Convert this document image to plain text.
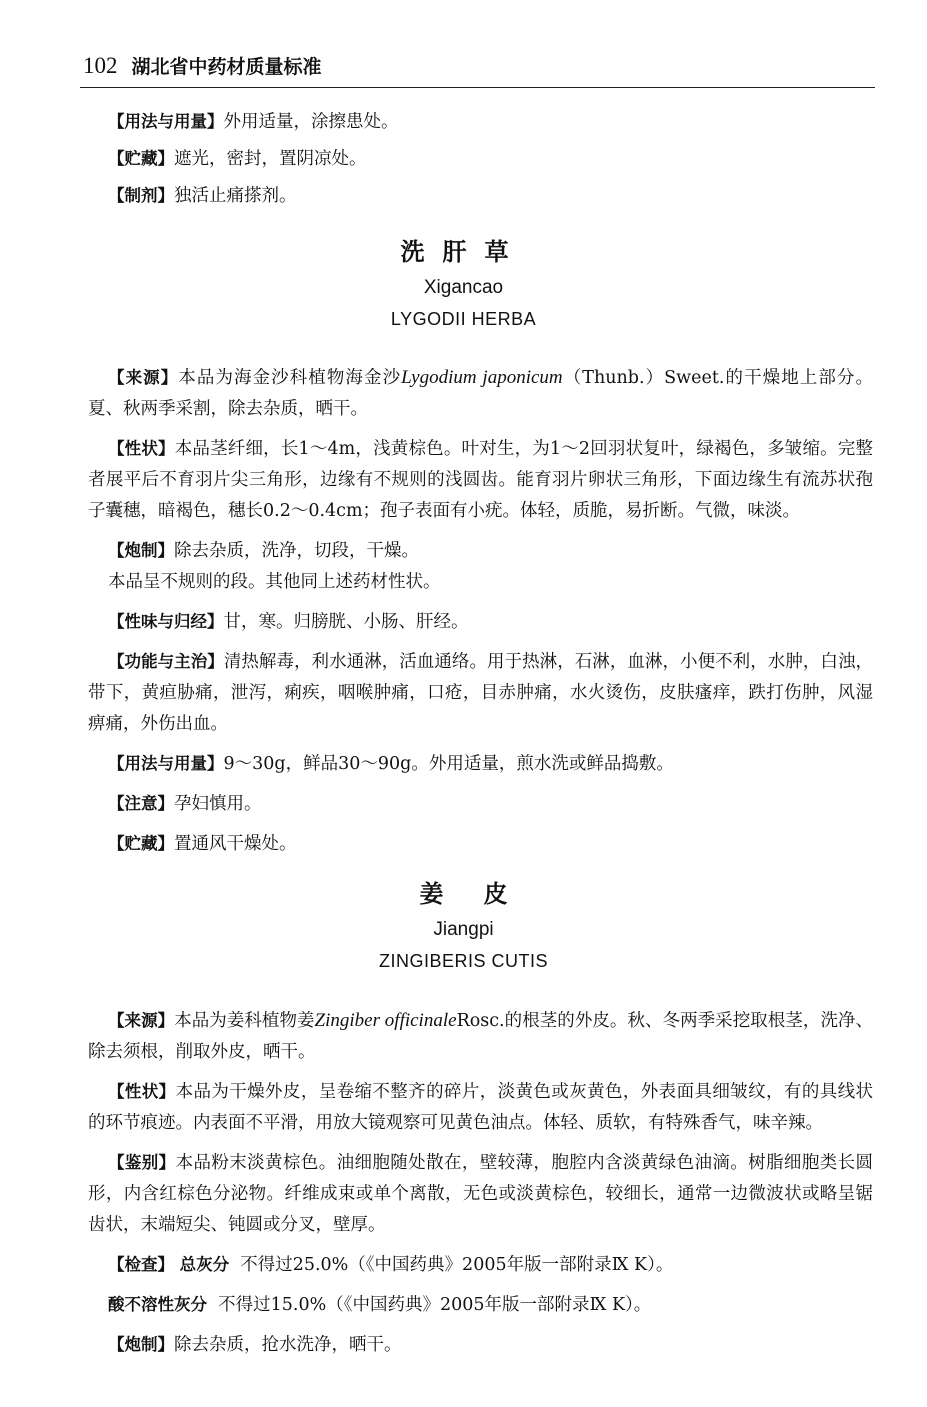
102 湖北省中药材质量标准

【用法与用量】外用适量，涂擦患处。

【贮藏】遮光，密封，置阴凉处。

【制剂】独活止痛搽剂。

洗肝草
Xigancao
LYGODII HERBA

【来源】本品为海金沙科植物海金沙Lygodium japonicum（Thunb.）Sweet.的干燥地上部分。夏、秋两季采割，除去杂质，晒干。

【性状】本品茎纤细，长1～4m，浅黄棕色。叶对生，为1～2回羽状复叶，绿褐色，多皱缩。完整者展平后不育羽片尖三角形，边缘有不规则的浅圆齿。能育羽片卵状三角形，下面边缘生有流苏状孢子囊穗，暗褐色，穗长0.2～0.4cm；孢子表面有小疣。体轻，质脆，易折断。气微，味淡。

【炮制】除去杂质，洗净，切段，干燥。

本品呈不规则的段。其他同上述药材性状。

【性味与归经】甘，寒。归膀胱、小肠、肝经。

【功能与主治】清热解毒，利水通淋，活血通络。用于热淋，石淋，血淋，小便不利，水肿，白浊，带下，黄疸胁痛，泄泻，痢疾，咽喉肿痛，口疮，目赤肿痛，水火烫伤，皮肤瘙痒，跌打伤肿，风湿痹痛，外伤出血。

【用法与用量】9～30g，鲜品30～90g。外用适量，煎水洗或鲜品捣敷。

【注意】孕妇慎用。

【贮藏】置通风干燥处。

姜皮
Jiangpi
ZINGIBERIS CUTIS

【来源】本品为姜科植物姜Zingiber officinaleRosc.的根茎的外皮。秋、冬两季采挖取根茎，洗净、除去须根，削取外皮，晒干。

【性状】本品为干燥外皮，呈卷缩不整齐的碎片，淡黄色或灰黄色，外表面具细皱纹，有的具线状的环节痕迹。内表面不平滑，用放大镜观察可见黄色油点。体轻、质软，有特殊香气，味辛辣。

【鉴别】本品粉末淡黄棕色。油细胞随处散在，壁较薄，胞腔内含淡黄绿色油滴。树脂细胞类长圆形，内含红棕色分泌物。纤维成束或单个离散，无色或淡黄棕色，较细长，通常一边微波状或略呈锯齿状，末端短尖、钝圆或分叉，壁厚。

【检查】 总灰分 不得过25.0%（《中国药典》2005年版一部附录Ⅸ K）。

酸不溶性灰分 不得过15.0%（《中国药典》2005年版一部附录Ⅸ K）。

【炮制】除去杂质，抢水洗净，晒干。
